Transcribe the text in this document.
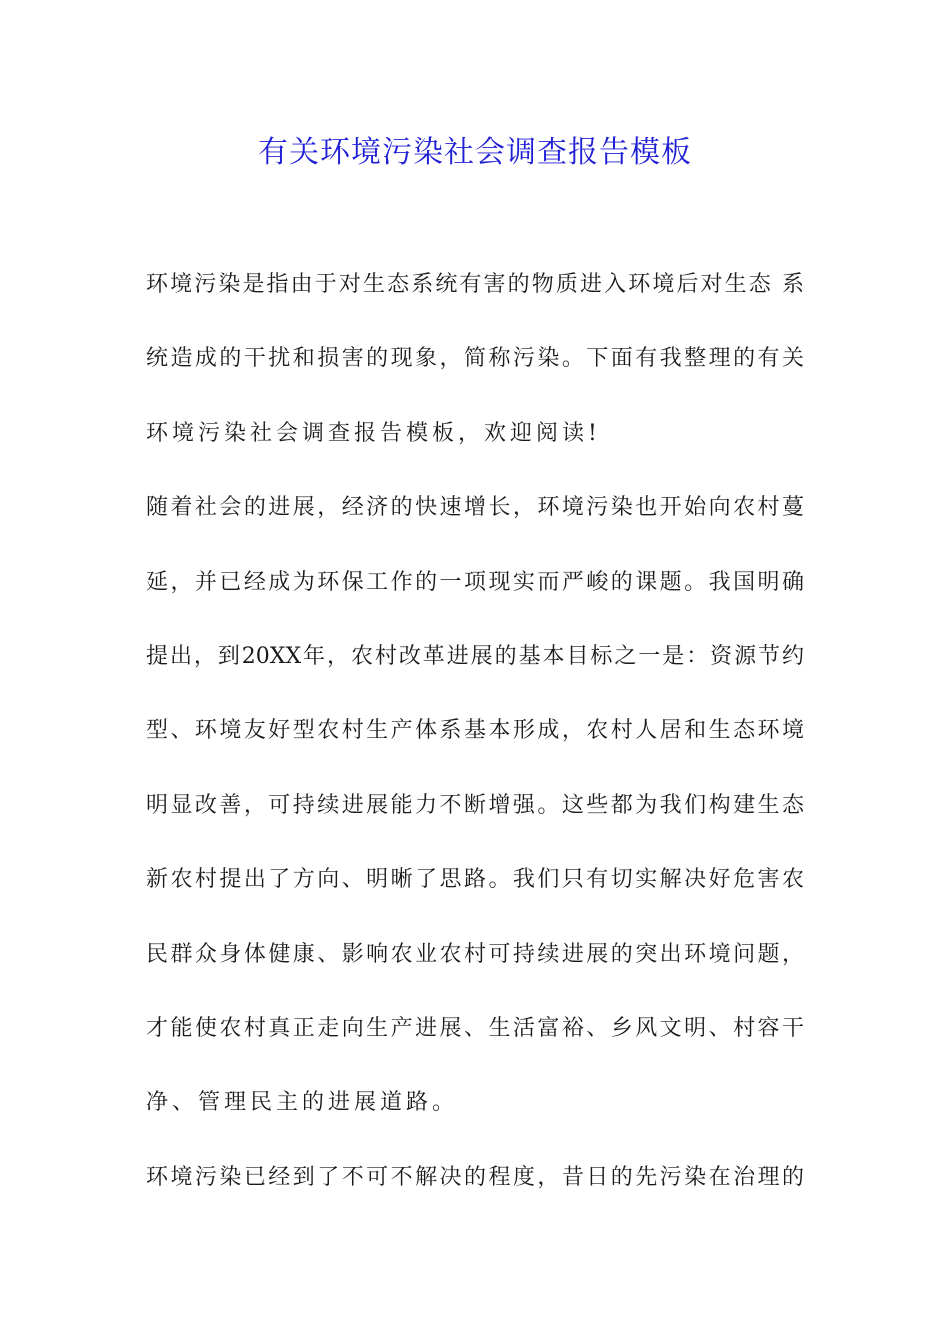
有关环境污染社会调查报告模板
环境污染是指由于对生态系统有害的物质进入环境后对生态 系
统造成的干扰和损害的现象，简称污染。下面有我整理的有关
环境污染社会调查报告模板，欢迎阅读!
随着社会的进展，经济的快速增长，环境污染也开始向农村蔓
延，并已经成为环保工作的一项现实而严峻的课题。我国明确
提出，到20XX年，农村改革进展的基本目标之一是：资源节约
型、环境友好型农村生产体系基本形成，农村人居和生态环境
明显改善，可持续进展能力不断增强。这些都为我们构建生态
新农村提出了方向、明晰了思路。我们只有切实解决好危害农
民群众身体健康、影响农业农村可持续进展的突出环境问题，
才能使农村真正走向生产进展、生活富裕、乡风文明、村容干
净、管理民主的进展道路。
环境污染已经到了不可不解决的程度，昔日的先污染在治理的
